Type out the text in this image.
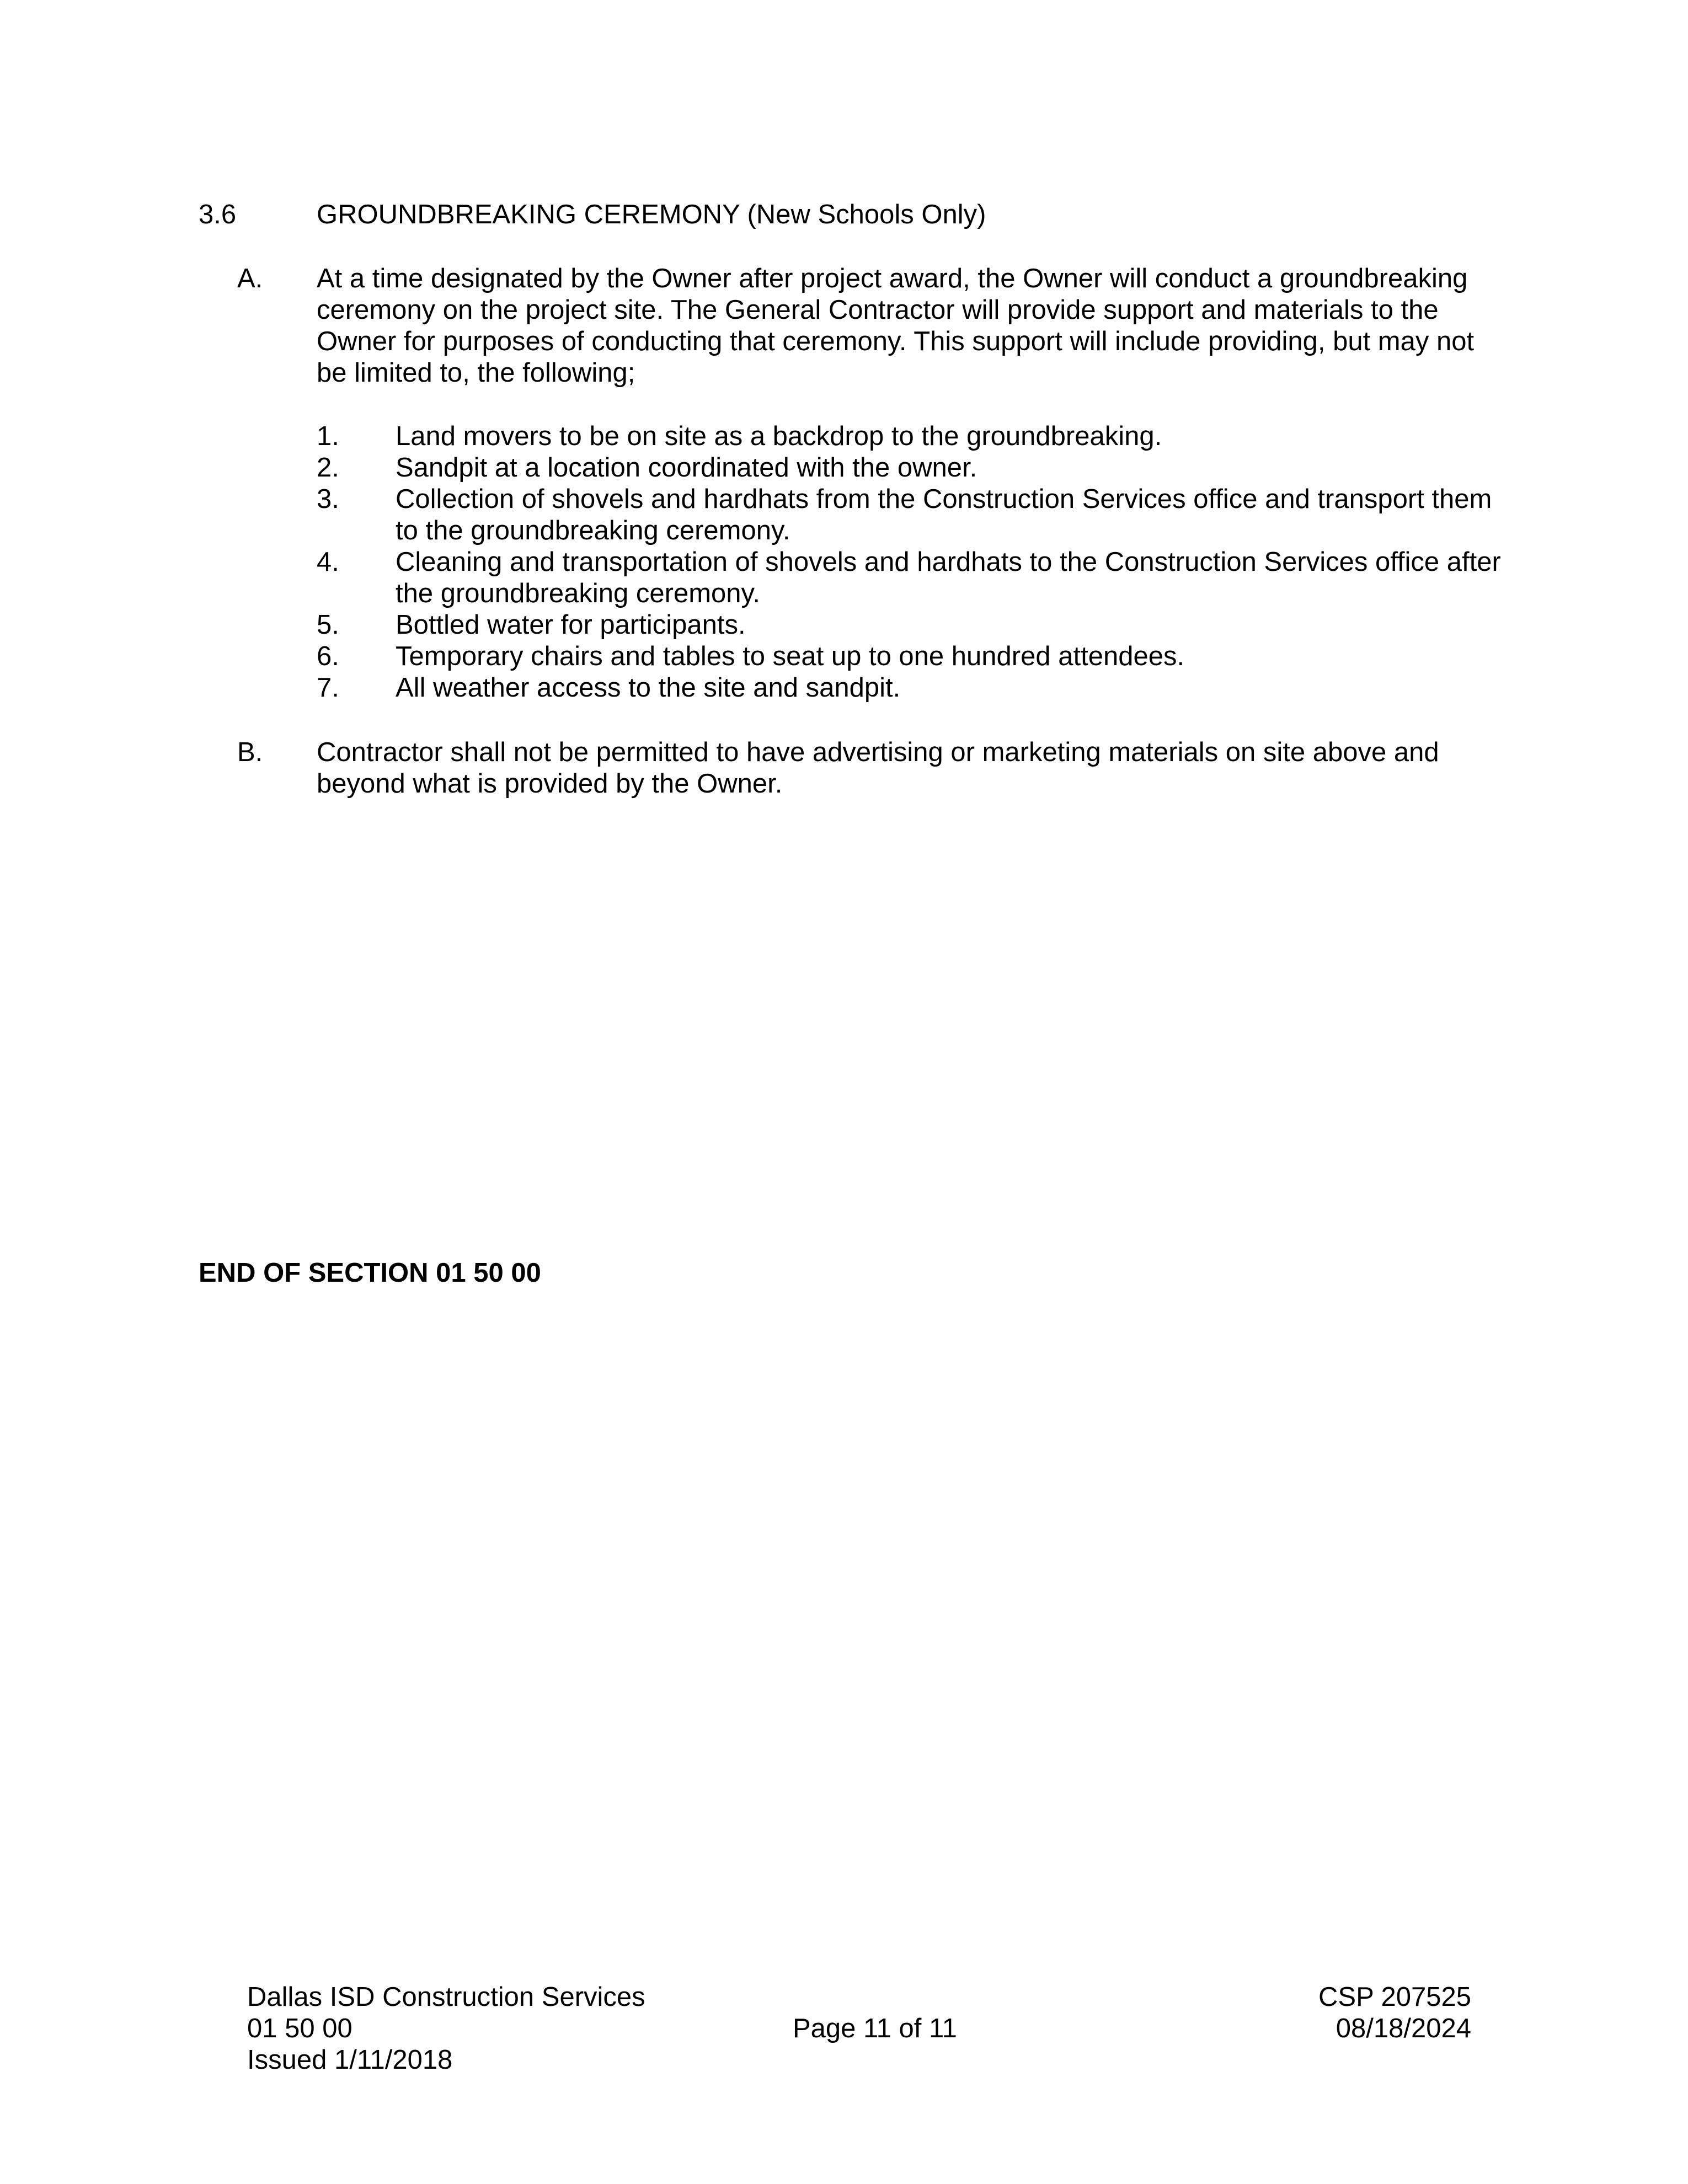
3.6	GROUNDBREAKING CEREMONY (New Schools Only)
A. At a time designated by the Owner after project award, the Owner will conduct a groundbreaking ceremony on the project site. The General Contractor will provide support and materials to the Owner for purposes of conducting that ceremony. This support will include providing, but may not be limited to, the following;
1. Land movers to be on site as a backdrop to the groundbreaking.
2. Sandpit at a location coordinated with the owner.
3. Collection of shovels and hardhats from the Construction Services office and transport them to the groundbreaking ceremony.
4. Cleaning and transportation of shovels and hardhats to the Construction Services office after the groundbreaking ceremony.
5. Bottled water for participants.
6. Temporary chairs and tables to seat up to one hundred attendees.
7. All weather access to the site and sandpit.
B. Contractor shall not be permitted to have advertising or marketing materials on site above and beyond what is provided by the Owner.
END OF SECTION 01 50 00
Dallas ISD Construction Services
01 50 00
Issued 1/11/2018
Page 11 of 11
CSP 207525
08/18/2024
